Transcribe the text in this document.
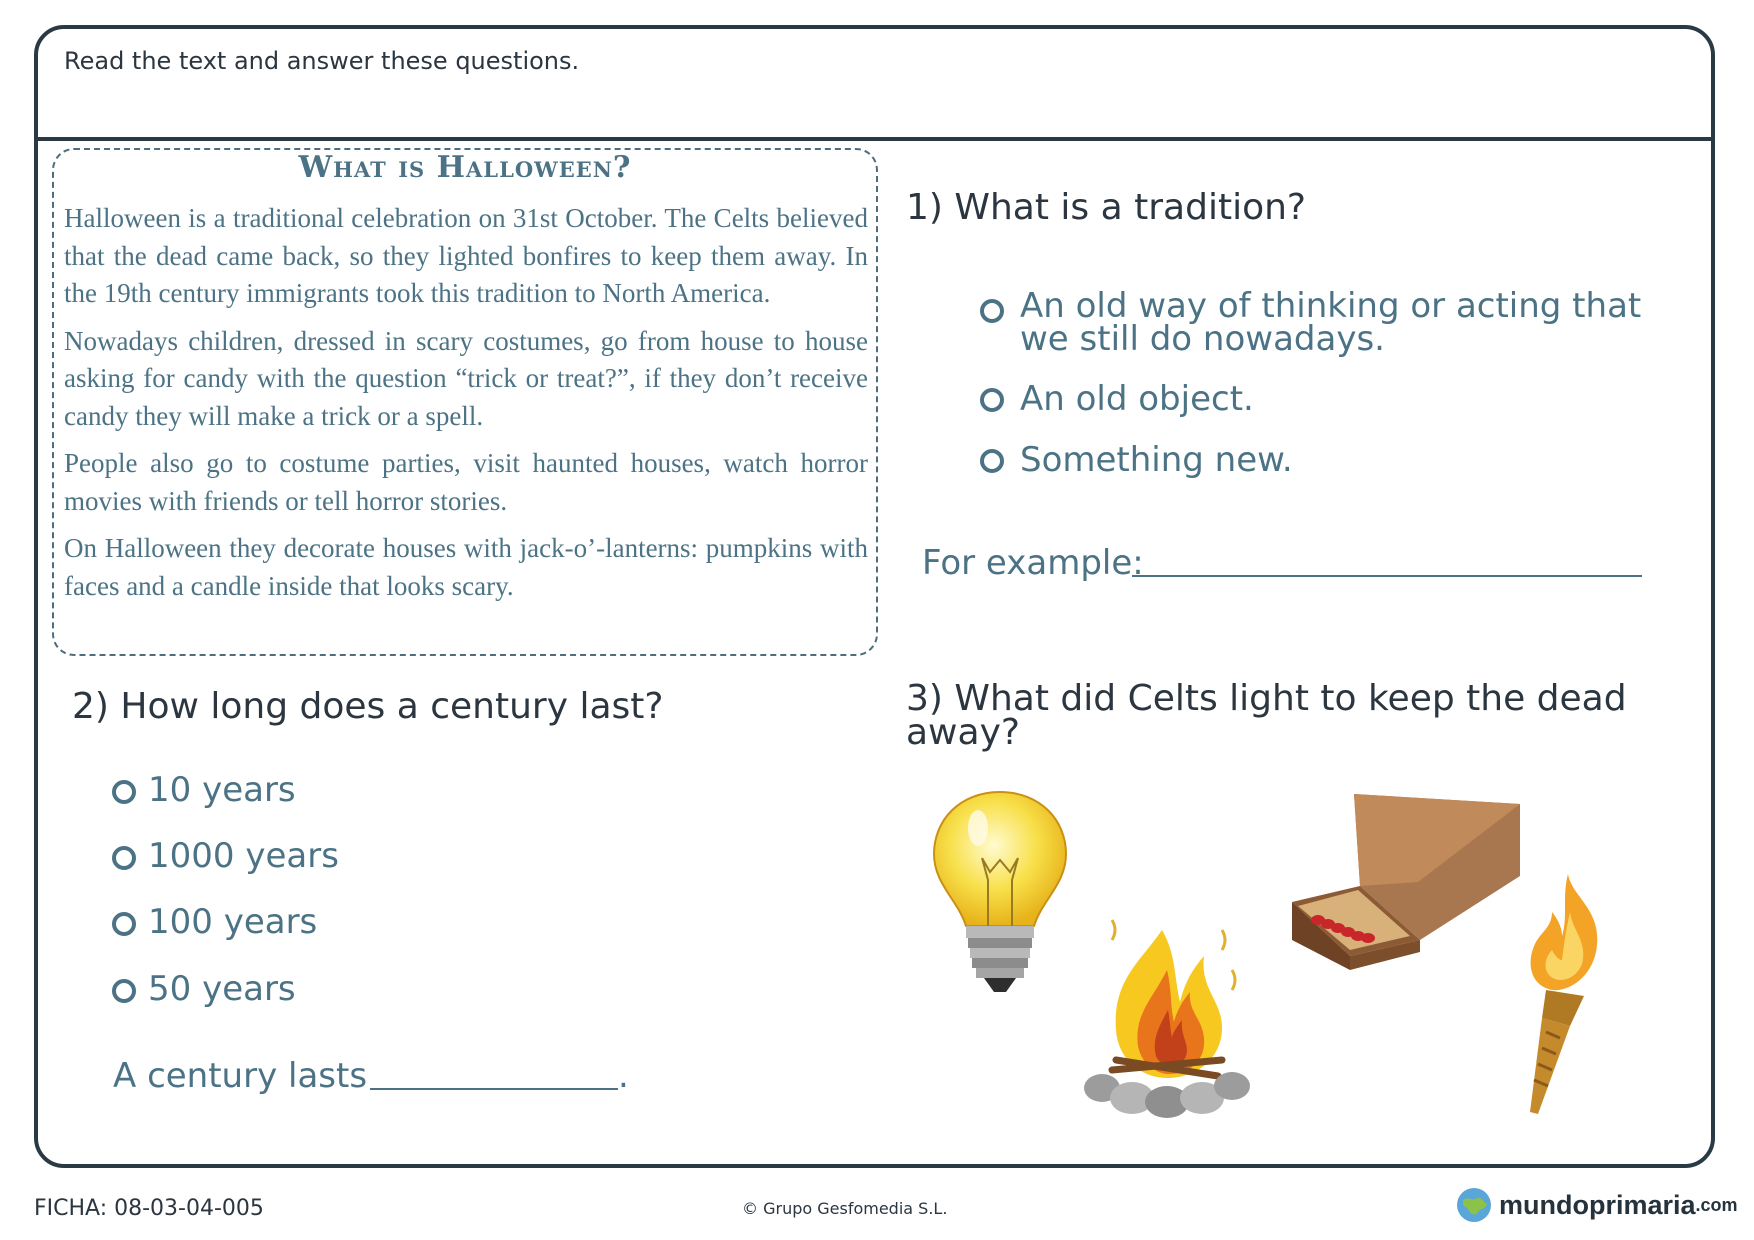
Read the text and answer these questions.
What is Halloween?

Halloween is a traditional celebration on 31st October. The Celts believed that the dead came back, so they lighted bonfires to keep them away. In the 19th century immigrants took this tradition to North America.

Nowadays children, dressed in scary costumes, go from house to house asking for candy with the question “trick or treat?”, if they don’t receive candy they will make a trick or a spell.

People also go to costume parties, visit haunted houses, watch horror movies with friends or tell horror stories.

On Halloween they decorate houses with jack-o’-lanterns: pumpkins with faces and a candle inside that looks scary.

1) What is a tradition?
An old way of thinking or acting that we still do nowadays.
An old object.
Something new.
For example:
2) How long does a century last?
10 years
1000 years
100 years
50 years
A century lasts	.
3) What did Celts light to keep the dead away?
FICHA: 08-03-04-005	© Grupo Gesfomedia S.L.	mundoprimaria .com
